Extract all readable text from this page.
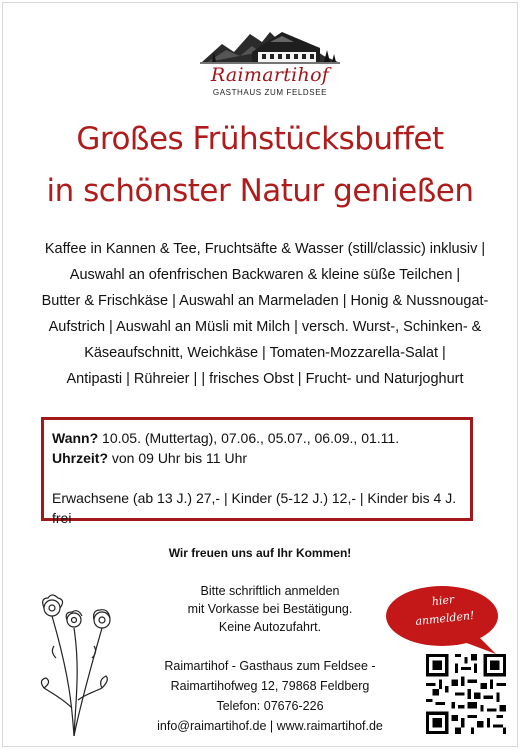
Raimartihof
GASTHAUS ZUM FELDSEE
Großes Frühstücksbuffet
in schönster Natur genießen
Kaffee in Kannen & Tee, Fruchtsäfte & Wasser (still/classic) inklusiv |
Auswahl an ofenfrischen Backwaren & kleine süße Teilchen |
Butter & Frischkäse | Auswahl an Marmeladen | Honig & Nussnougat-
Aufstrich | Auswahl an Müsli mit Milch | versch. Wurst-, Schinken- &
Käseaufschnitt, Weichkäse | Tomaten-Mozzarella-Salat |
Antipasti | Rühreier | | frisches Obst | Frucht- und Naturjoghurt
Wann? 10.05. (Muttertag), 07.06., 05.07., 06.09., 01.11.
Uhrzeit? von 09 Uhr bis 11 Uhr
Erwachsene (ab 13 J.) 27,- | Kinder (5-12 J.) 12,- | Kinder bis 4 J. frei
Wir freuen uns auf Ihr Kommen!
Bitte schriftlich anmelden
mit Vorkasse bei Bestätigung.
Keine Autozufahrt.
Raimartihof - Gasthaus zum Feldsee -
Raimartihofweg 12, 79868 Feldberg
Telefon: 07676-226
info@raimartihof.de | www.raimartihof.de
hier
anmelden!
